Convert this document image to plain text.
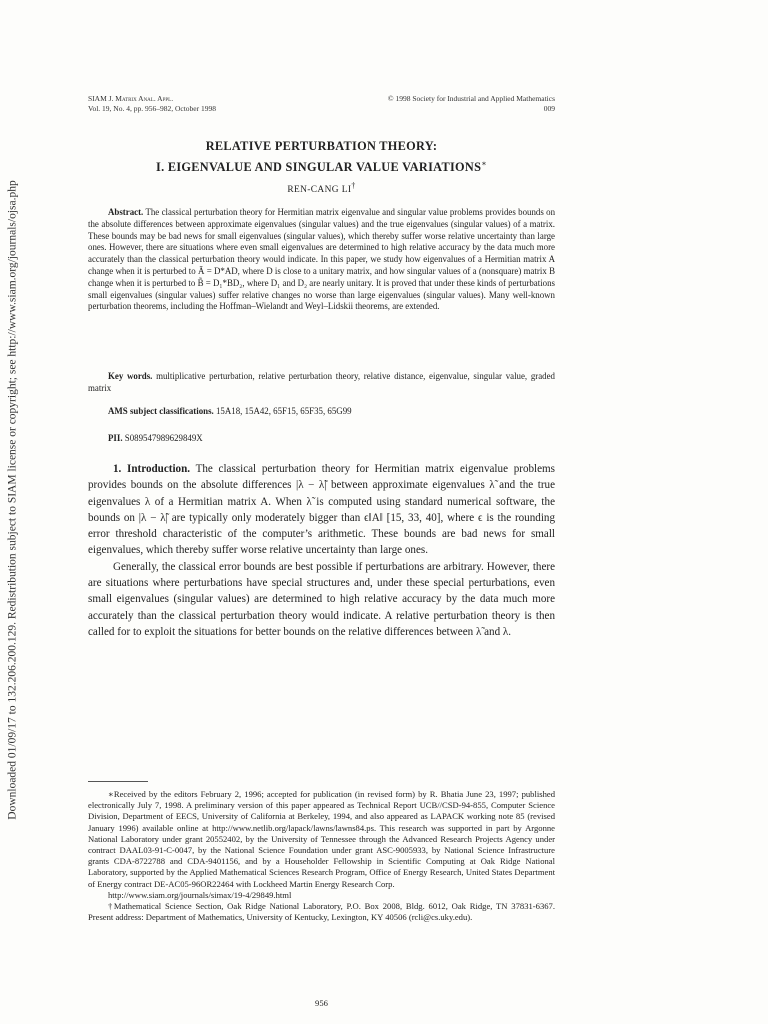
Downloaded 01/09/17 to 132.206.200.129. Redistribution subject to SIAM license or copyright; see http://www.siam.org/journals/ojsa.php
SIAM J. Matrix Anal. Appl.
Vol. 19, No. 4, pp. 956–982, October 1998
© 1998 Society for Industrial and Applied Mathematics
009
RELATIVE PERTURBATION THEORY:
I. EIGENVALUE AND SINGULAR VALUE VARIATIONS∗
REN-CANG LI†
Abstract. The classical perturbation theory for Hermitian matrix eigenvalue and singular value problems provides bounds on the absolute differences between approximate eigenvalues (singular values) and the true eigenvalues (singular values) of a matrix. These bounds may be bad news for small eigenvalues (singular values), which thereby suffer worse relative uncertainty than large ones. However, there are situations where even small eigenvalues are determined to high relative accuracy by the data much more accurately than the classical perturbation theory would indicate. In this paper, we study how eigenvalues of a Hermitian matrix A change when it is perturbed to Ã = D*AD, where D is close to a unitary matrix, and how singular values of a (nonsquare) matrix B change when it is perturbed to B̃ = D₁*BD₂, where D₁ and D₂ are nearly unitary. It is proved that under these kinds of perturbations small eigenvalues (singular values) suffer relative changes no worse than large eigenvalues (singular values). Many well-known perturbation theorems, including the Hoffman–Wielandt and Weyl–Lidskii theorems, are extended.
Key words. multiplicative perturbation, relative perturbation theory, relative distance, eigenvalue, singular value, graded matrix
AMS subject classifications. 15A18, 15A42, 65F15, 65F35, 65G99
PII. S089547989629849X

1. Introduction. The classical perturbation theory for Hermitian matrix eigenvalue problems provides bounds on the absolute differences |λ − λ̃| between approximate eigenvalues λ̃ and the true eigenvalues λ of a Hermitian matrix A. When λ̃ is computed using standard numerical software, the bounds on |λ − λ̃| are typically only moderately bigger than ϵ‖A‖ [15, 33, 40], where ϵ is the rounding error threshold characteristic of the computer’s arithmetic. These bounds are bad news for small eigenvalues, which thereby suffer worse relative uncertainty than large ones.

Generally, the classical error bounds are best possible if perturbations are arbitrary. However, there are situations where perturbations have special structures and, under these special perturbations, even small eigenvalues (singular values) are determined to high relative accuracy by the data much more accurately than the classical perturbation theory would indicate. A relative perturbation theory is then called for to exploit the situations for better bounds on the relative differences between λ̃ and λ.

∗Received by the editors February 2, 1996; accepted for publication (in revised form) by R. Bhatia June 23, 1997; published electronically July 7, 1998. A preliminary version of this paper appeared as Technical Report UCB//CSD-94-855, Computer Science Division, Department of EECS, University of California at Berkeley, 1994, and also appeared as LAPACK working note 85 (revised January 1996) available online at http://www.netlib.org/lapack/lawns/lawns84.ps. This research was supported in part by Argonne National Laboratory under grant 20552402, by the University of Tennessee through the Advanced Research Projects Agency under contract DAAL03-91-C-0047, by the National Science Foundation under grant ASC-9005933, by National Science Infrastructure grants CDA-8722788 and CDA-9401156, and by a Householder Fellowship in Scientific Computing at Oak Ridge National Laboratory, supported by the Applied Mathematical Sciences Research Program, Office of Energy Research, United States Department of Energy contract DE-AC05-96OR22464 with Lockheed Martin Energy Research Corp.

http://www.siam.org/journals/simax/19-4/29849.html

†Mathematical Science Section, Oak Ridge National Laboratory, P.O. Box 2008, Bldg. 6012, Oak Ridge, TN 37831-6367. Present address: Department of Mathematics, University of Kentucky, Lexington, KY 40506 (rcli@cs.uky.edu).

956
